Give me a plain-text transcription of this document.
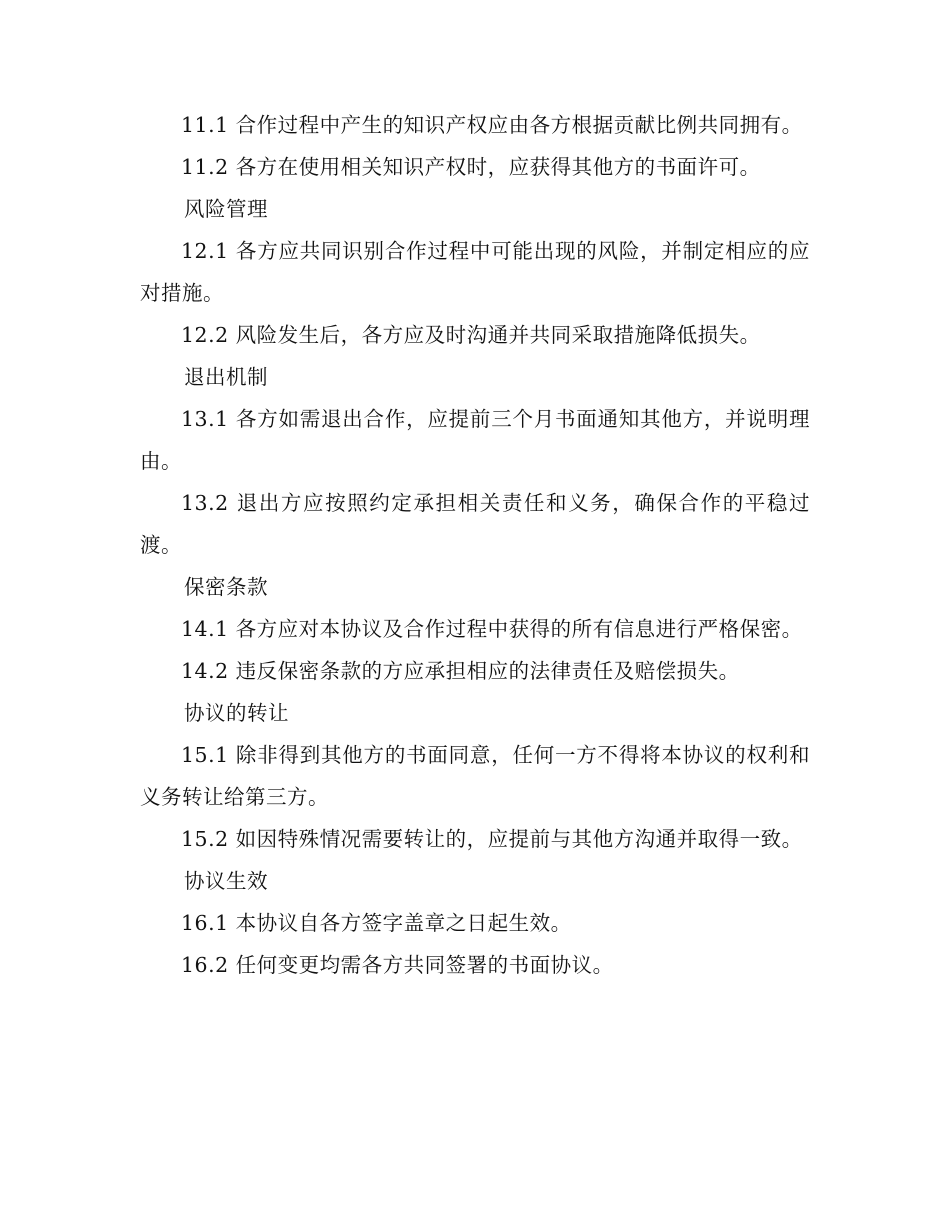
11.1 合作过程中产生的知识产权应由各方根据贡献比例共同拥有。

11.2 各方在使用相关知识产权时，应获得其他方的书面许可。

风险管理

12.1 各方应共同识别合作过程中可能出现的风险，并制定相应的应对措施。

12.2 风险发生后，各方应及时沟通并共同采取措施降低损失。

退出机制

13.1 各方如需退出合作，应提前三个月书面通知其他方，并说明理由。

13.2 退出方应按照约定承担相关责任和义务，确保合作的平稳过渡。

保密条款

14.1 各方应对本协议及合作过程中获得的所有信息进行严格保密。

14.2 违反保密条款的方应承担相应的法律责任及赔偿损失。

协议的转让

15.1 除非得到其他方的书面同意，任何一方不得将本协议的权利和义务转让给第三方。

15.2 如因特殊情况需要转让的，应提前与其他方沟通并取得一致。

协议生效

16.1 本协议自各方签字盖章之日起生效。

16.2 任何变更均需各方共同签署的书面协议。
